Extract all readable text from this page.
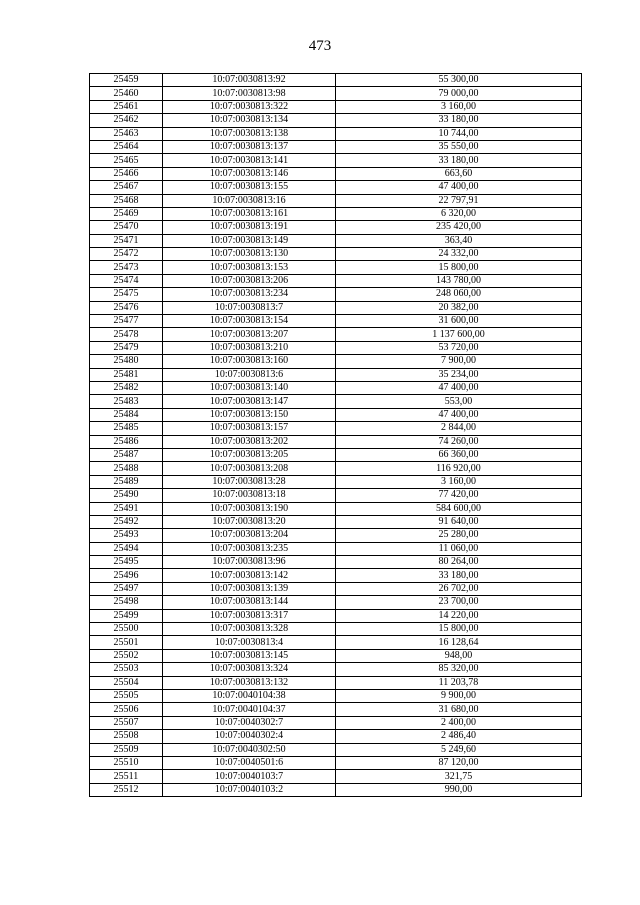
473
25459	10:07:0030813:92	55 300,00
25460	10:07:0030813:98	79 000,00
25461	10:07:0030813:322	3 160,00
25462	10:07:0030813:134	33 180,00
25463	10:07:0030813:138	10 744,00
25464	10:07:0030813:137	35 550,00
25465	10:07:0030813:141	33 180,00
25466	10:07:0030813:146	663,60
25467	10:07:0030813:155	47 400,00
25468	10:07:0030813:16	22 797,91
25469	10:07:0030813:161	6 320,00
25470	10:07:0030813:191	235 420,00
25471	10:07:0030813:149	363,40
25472	10:07:0030813:130	24 332,00
25473	10:07:0030813:153	15 800,00
25474	10:07:0030813:206	143 780,00
25475	10:07:0030813:234	248 060,00
25476	10:07:0030813:7	20 382,00
25477	10:07:0030813:154	31 600,00
25478	10:07:0030813:207	1 137 600,00
25479	10:07:0030813:210	53 720,00
25480	10:07:0030813:160	7 900,00
25481	10:07:0030813:6	35 234,00
25482	10:07:0030813:140	47 400,00
25483	10:07:0030813:147	553,00
25484	10:07:0030813:150	47 400,00
25485	10:07:0030813:157	2 844,00
25486	10:07:0030813:202	74 260,00
25487	10:07:0030813:205	66 360,00
25488	10:07:0030813:208	116 920,00
25489	10:07:0030813:28	3 160,00
25490	10:07:0030813:18	77 420,00
25491	10:07:0030813:190	584 600,00
25492	10:07:0030813:20	91 640,00
25493	10:07:0030813:204	25 280,00
25494	10:07:0030813:235	11 060,00
25495	10:07:0030813:96	80 264,00
25496	10:07:0030813:142	33 180,00
25497	10:07:0030813:139	26 702,00
25498	10:07:0030813:144	23 700,00
25499	10:07:0030813:317	14 220,00
25500	10:07:0030813:328	15 800,00
25501	10:07:0030813:4	16 128,64
25502	10:07:0030813:145	948,00
25503	10:07:0030813:324	85 320,00
25504	10:07:0030813:132	11 203,78
25505	10:07:0040104:38	9 900,00
25506	10:07:0040104:37	31 680,00
25507	10:07:0040302:7	2 400,00
25508	10:07:0040302:4	2 486,40
25509	10:07:0040302:50	5 249,60
25510	10:07:0040501:6	87 120,00
25511	10:07:0040103:7	321,75
25512	10:07:0040103:2	990,00
